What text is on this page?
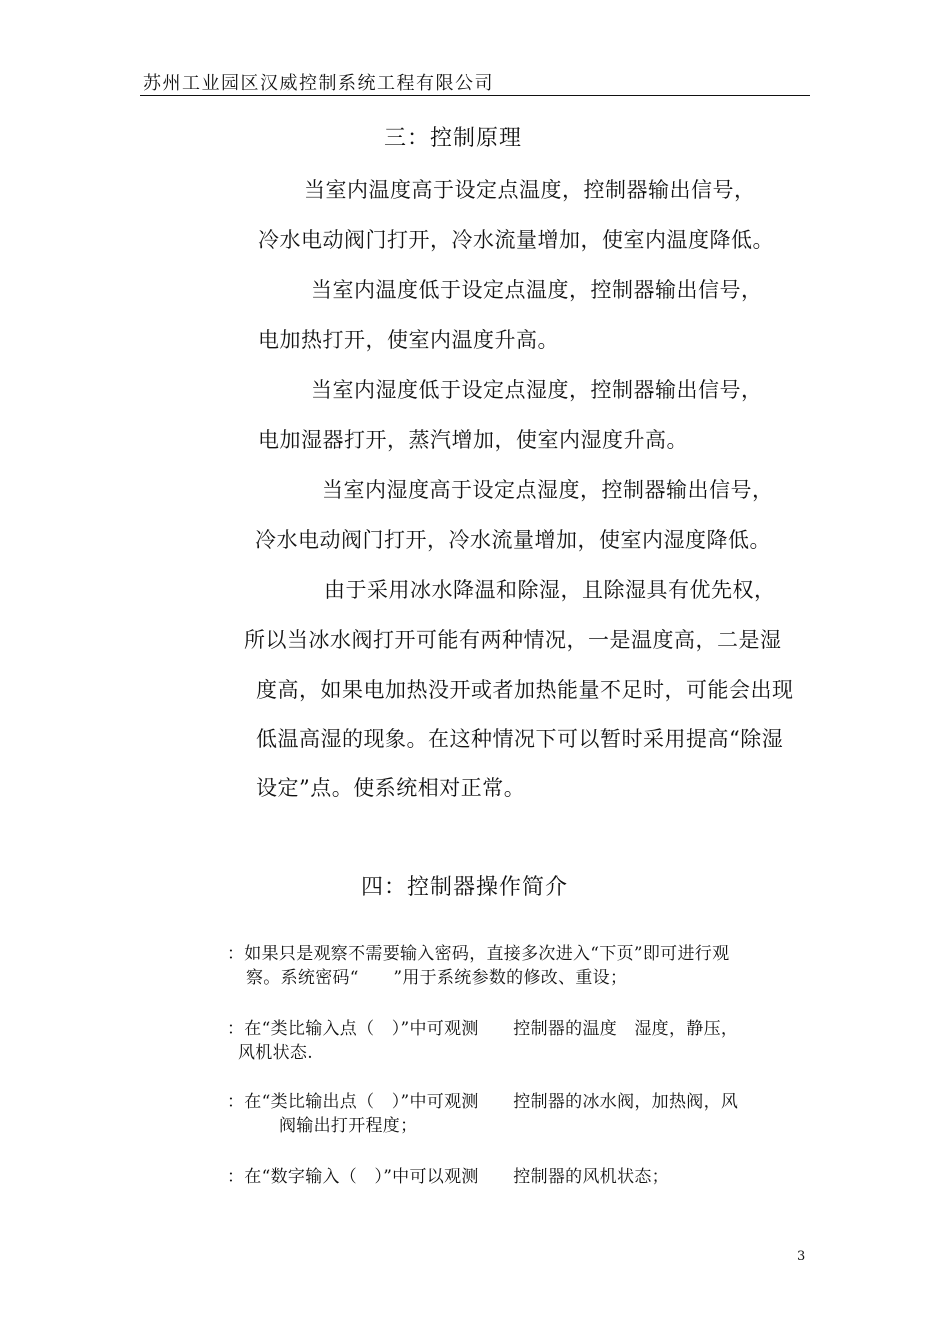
苏州工业园区汉威控制系统工程有限公司
三：控制原理
当室内温度高于设定点温度，控制器输出信号，
冷水电动阀门打开，冷水流量增加，使室内温度降低。
当室内温度低于设定点温度，控制器输出信号，
电加热打开，使室内温度升高。
当室内湿度低于设定点湿度，控制器输出信号，
电加湿器打开，蒸汽增加，使室内湿度升高。
当室内湿度高于设定点湿度，控制器输出信号，
冷水电动阀门打开，冷水流量增加，使室内湿度降低。
由于采用冰水降温和除湿，且除湿具有优先权，
所以当冰水阀打开可能有两种情况，一是温度高，二是湿
度高，如果电加热没开或者加热能量不足时，可能会出现
低温高湿的现象。在这种情况下可以暂时采用提高“除湿
设定”点。使系统相对正常。
四：控制器操作简介
：如果只是观察不需要输入密码，直接多次进入“下页”即可进行观
察。系统密码“　　”用于系统参数的修改、重设；
：在“类比输入点（　）”中可观测　　控制器的温度　湿度，静压，
风机状态.
：在“类比输出点（　）”中可观测　　控制器的冰水阀，加热阀，风
阀输出打开程度；
：在“数字输入（　）”中可以观测　　控制器的风机状态；
3
